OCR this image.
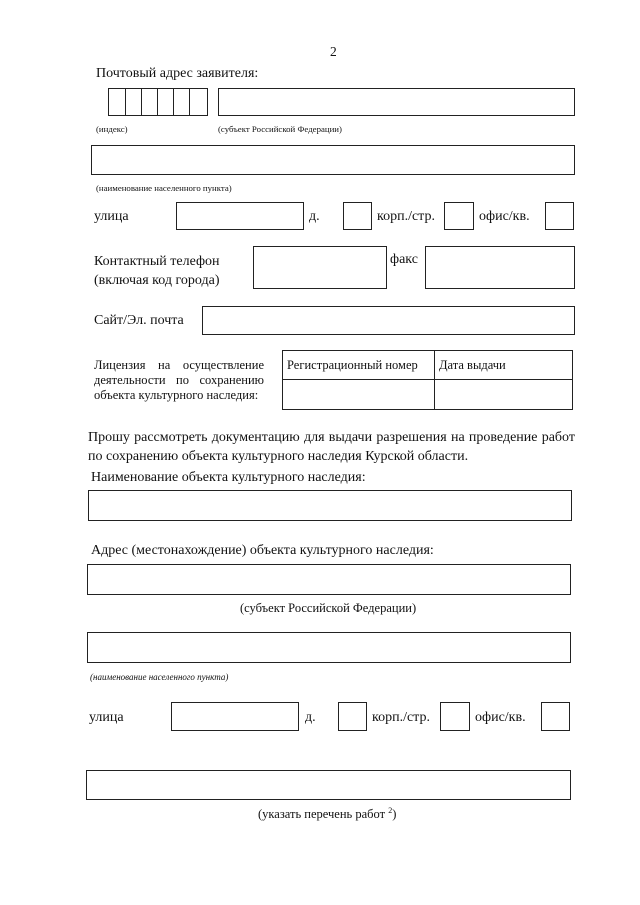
2
Почтовый адрес заявителя:
(индекс)	(субъект Российской Федерации)
(наименование населенного пункта)
улица	д.	корп./стр.	офис/кв.
Контактный телефон
(включая код города)
факс
Сайт/Эл. почта
Лицензия на осуществление деятельности по сохранению объекта культурного наследия:
Регистрационный номер Дата выдачи
Прошу рассмотреть документацию для выдачи разрешения на проведение работ по сохранению объекта культурного наследия Курской области.
Наименование объекта культурного наследия:
Адрес (местонахождение) объекта культурного наследия:
(субъект Российской Федерации)
(наименование населенного пункта)
улица	д.	корп./стр.	офис/кв.
(указать перечень работ $^2$)
